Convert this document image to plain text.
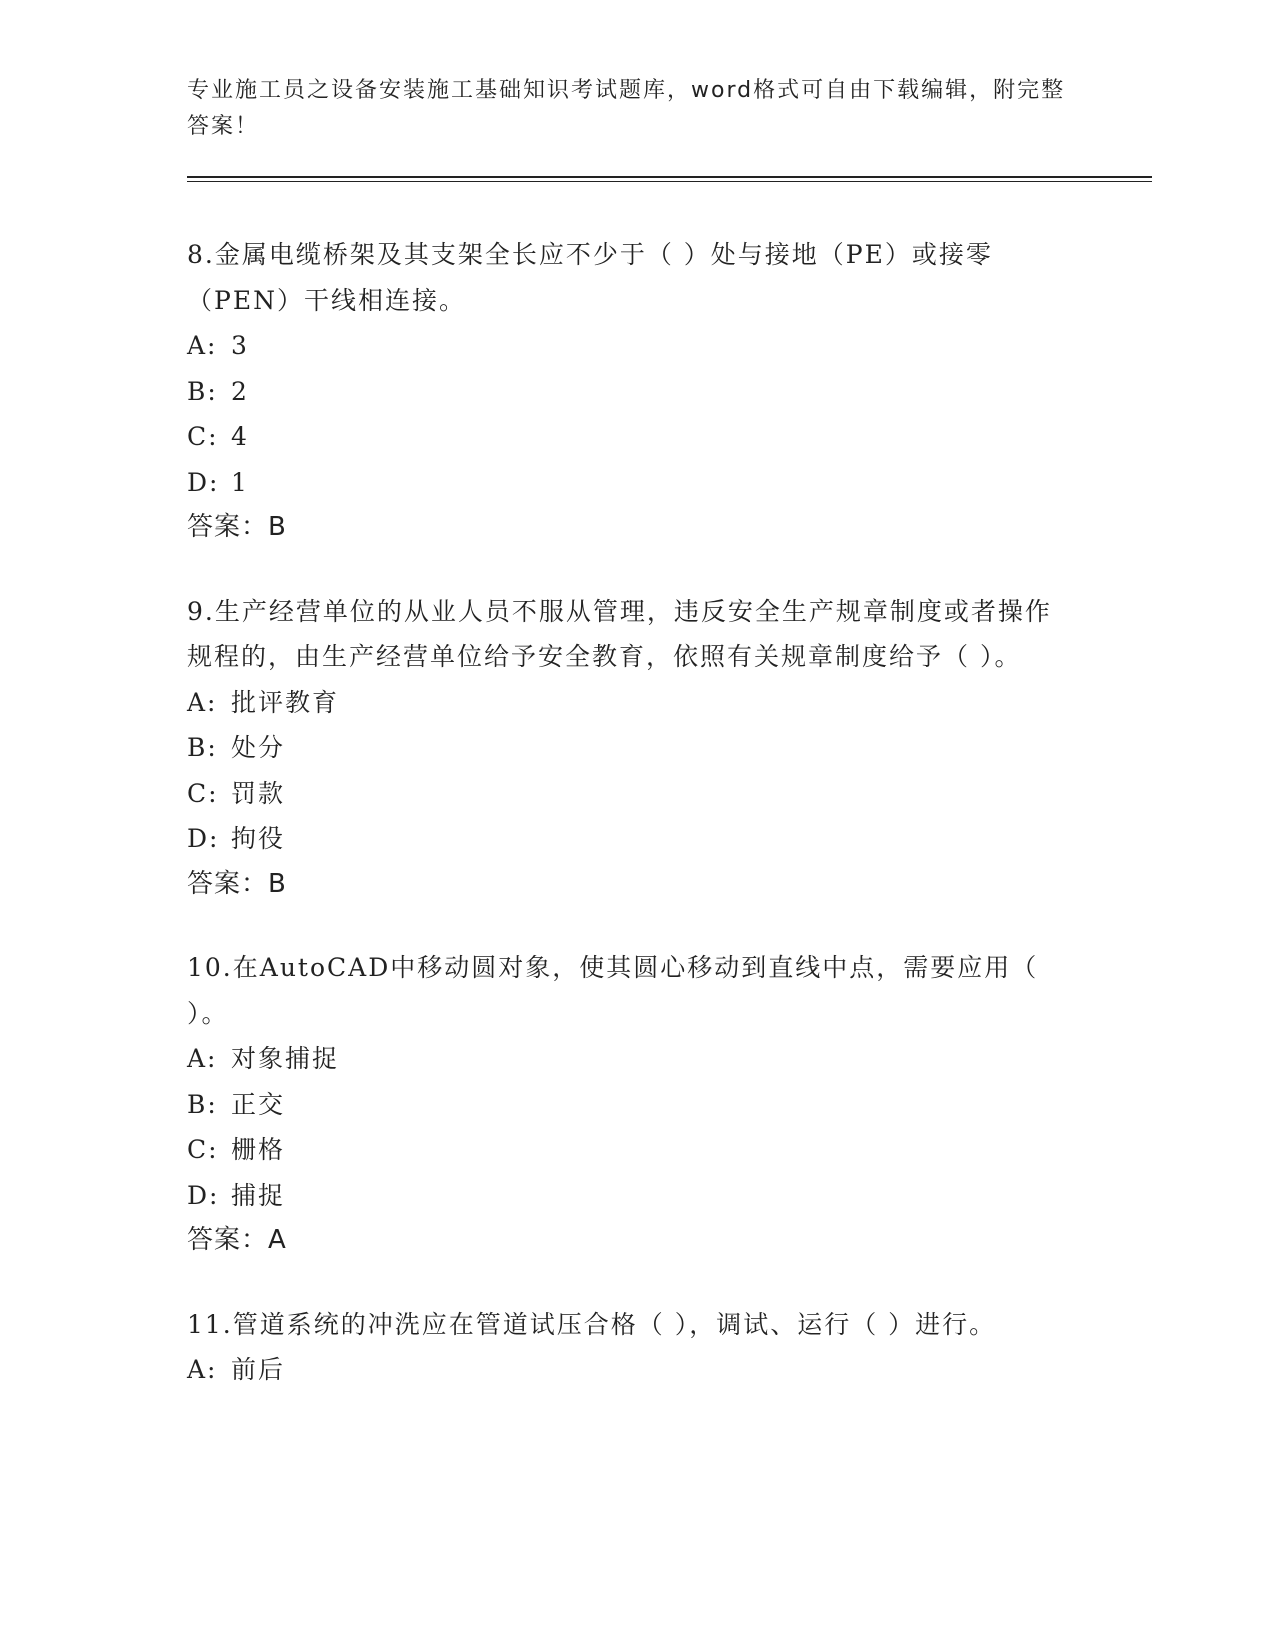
专业施工员之设备安装施工基础知识考试题库，word格式可自由下载编辑，附完整答案！

8.金属电缆桥架及其支架全长应不少于（ ）处与接地（PE）或接零（PEN）干线相连接。

A: 3
B: 2
C: 4
D: 1
答案：B

9.生产经营单位的从业人员不服从管理，违反安全生产规章制度或者操作规程的，由生产经营单位给予安全教育，依照有关规章制度给予（ ）。

A: 批评教育
B: 处分
C: 罚款
D: 拘役
答案：B

10.在AutoCAD中移动圆对象，使其圆心移动到直线中点，需要应用（ ）。

A: 对象捕捉
B: 正交
C: 栅格
D: 捕捉
答案：A

11.管道系统的冲洗应在管道试压合格（ ），调试、运行（ ）进行。

A: 前后
